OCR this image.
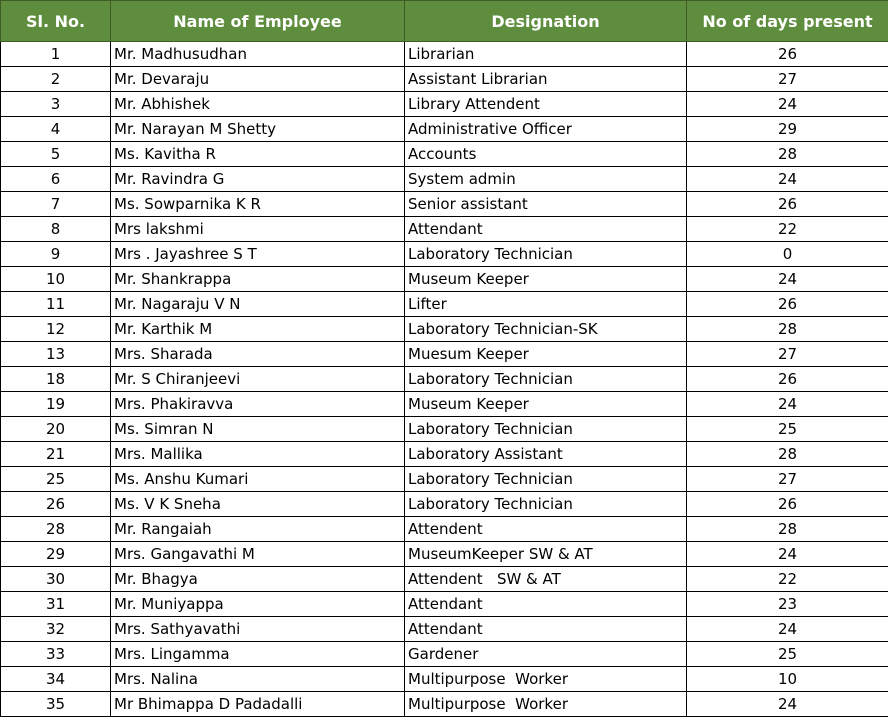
Sl. No.	Name of Employee	Designation	No of days present
1	Mr. Madhusudhan	Librarian	26
2	Mr. Devaraju	Assistant Librarian	27
3	Mr. Abhishek	Library Attendent	24
4	Mr. Narayan M Shetty	Administrative Officer	29
5	Ms. Kavitha R	Accounts	28
6	Mr. Ravindra G	System admin	24
7	Ms. Sowparnika K R	Senior assistant	26
8	Mrs lakshmi	Attendant	22
9	Mrs . Jayashree S T	Laboratory Technician	0
10	Mr. Shankrappa	Museum Keeper	24
11	Mr. Nagaraju V N	Lifter	26
12	Mr. Karthik M	Laboratory Technician-SK	28
13	Mrs. Sharada	Muesum Keeper	27
18	Mr. S Chiranjeevi	Laboratory Technician	26
19	Mrs. Phakiravva	Museum Keeper	24
20	Ms. Simran N	Laboratory Technician	25
21	Mrs. Mallika	Laboratory Assistant	28
25	Ms. Anshu Kumari	Laboratory Technician	27
26	Ms. V K Sneha	Laboratory Technician	26
28	Mr. Rangaiah	Attendent	28
29	Mrs. Gangavathi M	MuseumKeeper SW & AT	24
30	Mr. Bhagya	Attendent   SW & AT	22
31	Mr. Muniyappa	Attendant	23
32	Mrs. Sathyavathi	Attendant	24
33	Mrs. Lingamma	Gardener	25
34	Mrs. Nalina	Multipurpose  Worker	10
35	Mr Bhimappa D Padadalli	Multipurpose  Worker	24
